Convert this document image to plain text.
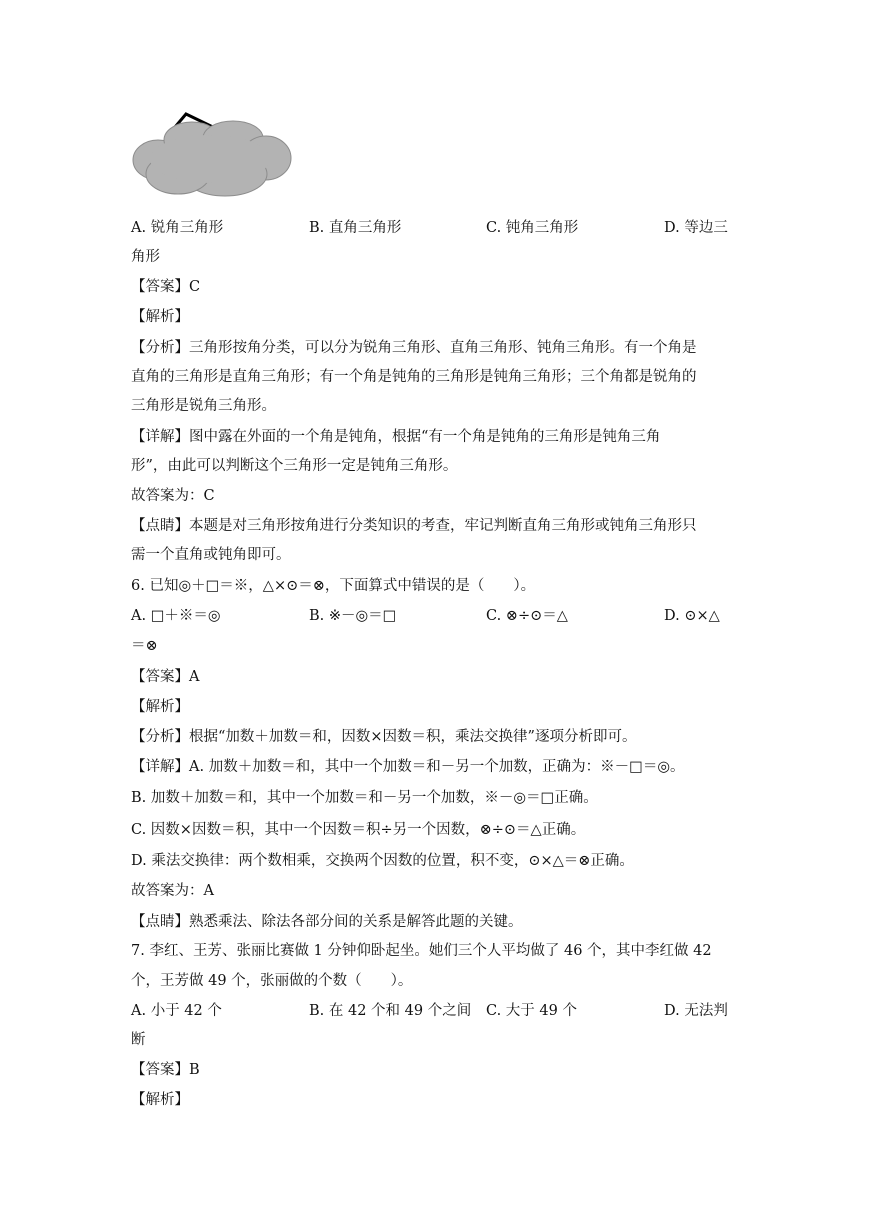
A. 锐角三角形	B. 直角三角形	C. 钝角三角形	D. 等边三
角形
【答案】C
【解析】
【分析】三角形按角分类，可以分为锐角三角形、直角三角形、钝角三角形。有一个角是
直角的三角形是直角三角形；有一个角是钝角的三角形是钝角三角形；三个角都是锐角的
三角形是锐角三角形。
【详解】图中露在外面的一个角是钝角，根据“有一个角是钝角的三角形是钝角三角
形”，由此可以判断这个三角形一定是钝角三角形。
故答案为：C
【点睛】本题是对三角形按角进行分类知识的考查，牢记判断直角三角形或钝角三角形只
需一个直角或钝角即可。
6. 已知◎＋□＝※，△×⊙＝⊗，下面算式中错误的是（　　）。
A. □＋※＝◎	B. ※－◎＝□	C. ⊗÷⊙＝△	D. ⊙×△
＝⊗
【答案】A
【解析】
【分析】根据“加数＋加数＝和，因数×因数＝积，乘法交换律”逐项分析即可。
【详解】A. 加数＋加数＝和，其中一个加数＝和－另一个加数，正确为：※－□＝◎。
B. 加数＋加数＝和，其中一个加数＝和－另一个加数，※－◎＝□正确。
C. 因数×因数＝积，其中一个因数＝积÷另一个因数，⊗÷⊙＝△正确。
D. 乘法交换律：两个数相乘，交换两个因数的位置，积不变，⊙×△＝⊗正确。
故答案为：A
【点睛】熟悉乘法、除法各部分间的关系是解答此题的关键。
7. 李红、王芳、张丽比赛做 1 分钟仰卧起坐。她们三个人平均做了 46 个，其中李红做 42
个，王芳做 49 个，张丽做的个数（　　）。
A. 小于 42 个	B. 在 42 个和 49 个之间 C. 大于 49 个	D. 无法判
断
【答案】B
【解析】
